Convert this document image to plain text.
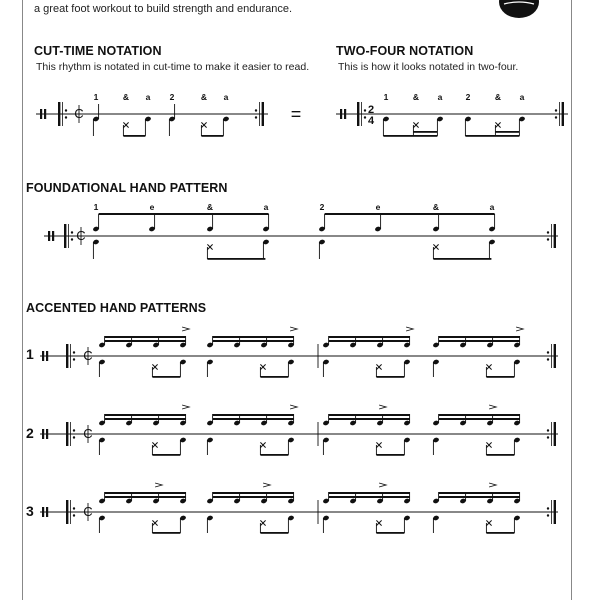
a great foot workout to build strength and endurance.
CUT-TIME NOTATION
This rhythm is notated in cut-time to make it easier to read.
TWO-FOUR NOTATION
This is how it looks notated in two-four.
FOUNDATIONAL HAND PATTERN
ACCENTED HAND PATTERNS
1
2
3
C
1	& a 2	& a
=	2
4
1	& a	2	& a
C
1	e	&	a	2	e	&	a
C
C
C
